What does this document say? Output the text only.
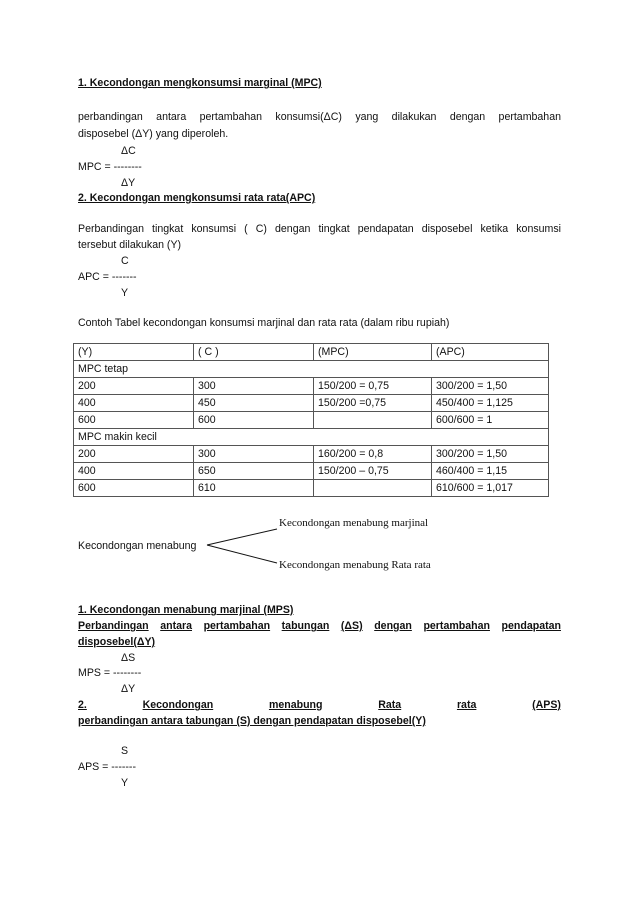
1. Kecondongan mengkonsumsi marginal (MPC)
perbandingan antara pertambahan konsumsi(ΔC) yang dilakukan dengan pertambahan
disposebel (ΔY) yang diperoleh.
ΔC
MPC = --------
ΔY
2. Kecondongan mengkonsumsi rata rata(APC)
Perbandingan tingkat konsumsi ( C) dengan tingkat pendapatan disposebel ketika konsumsi
tersebut dilakukan (Y)
C
APC = -------
Y
Contoh Tabel kecondongan konsumsi marjinal dan rata rata (dalam ribu rupiah)
(Y)	( C )	(MPC)	(APC)
MPC tetap			
200	300	150/200 = 0,75	300/200 = 1,50
400	450	150/200 =0,75	450/400 = 1,125
600	600		600/600 = 1
MPC makin kecil			
200	300	160/200 = 0,8	300/200 = 1,50
400	650	150/200 – 0,75	460/400 = 1,15
600	610		610/600 = 1,017
Kecondongan menabung marjinal
Kecondongan menabung
Kecondongan menabung Rata rata
1. Kecondongan menabung marjinal (MPS)
Perbandingan antara pertambahan tabungan (ΔS) dengan pertambahan pendapatan
disposebel(ΔY)
ΔS
MPS = --------
ΔY
2.	Kecondongan	menabung	Rata	rata	(APS)
perbandingan antara tabungan (S) dengan pendapatan disposebel(Y)
S
APS = -------
Y
